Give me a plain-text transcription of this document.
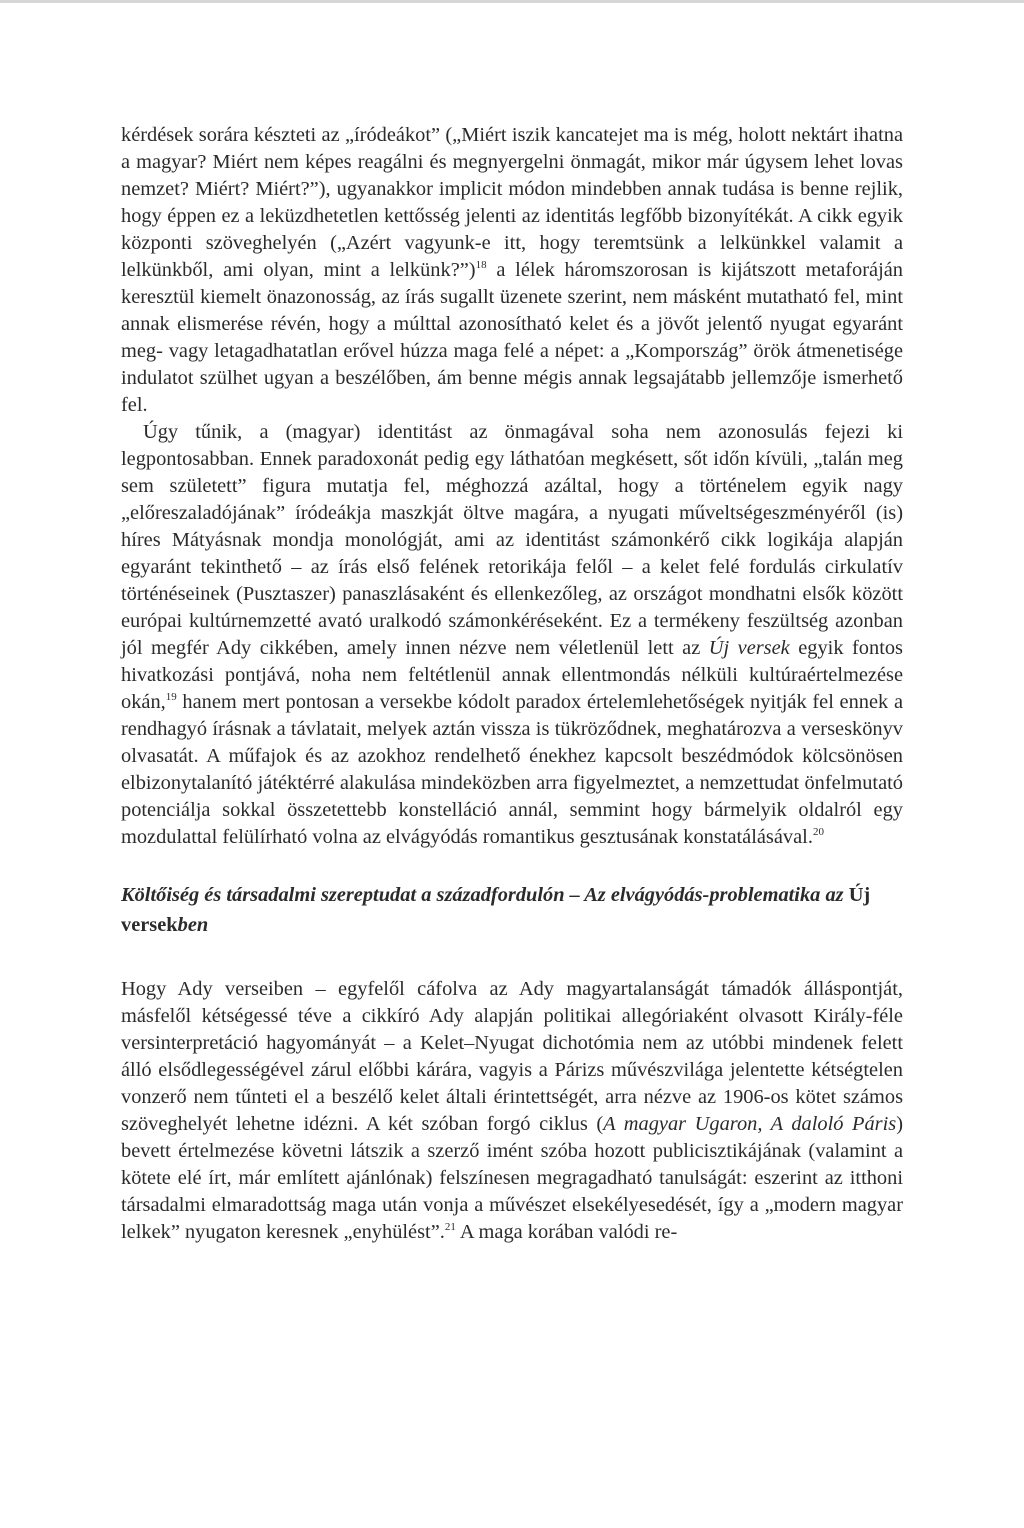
kérdések sorára készteti az „íródeákot” („Miért iszik kancatejet ma is még, holott nektárt ihatna a magyar? Miért nem képes reagálni és megnyergelni önmagát, mikor már úgysem lehet lovas nemzet? Miért? Miért?”), ugyanakkor implicit módon mindebben annak tudása is benne rejlik, hogy éppen ez a leküzdhetetlen kettősség jelenti az identitás legfőbb bizonyítékát. A cikk egyik központi szöveghelyén („Azért vagyunk-e itt, hogy teremtsünk a lelkünkkel valamit a lelkünkből, ami olyan, mint a lelkünk?”)$^{18}$ a lélek háromszorosan is kijátszott metaforáján keresztül kiemelt önazonosság, az írás sugallt üzenete szerint, nem másként mutatható fel, mint annak elismerése révén, hogy a múlttal azonosítható kelet és a jövőt jelentő nyugat egyaránt meg- vagy letagadhatatlan erővel húzza maga felé a népet: a „Kompország” örök átmenetisége indulatot szülhet ugyan a beszélőben, ám benne mégis annak legsajátabb jellemzője ismerhető fel.

Úgy tűnik, a (magyar) identitást az önmagával soha nem azonosulás fejezi ki legpontosabban. Ennek paradoxonát pedig egy láthatóan megkésett, sőt időn kívüli, „talán meg sem született” figura mutatja fel, méghozzá azáltal, hogy a történelem egyik nagy „előreszaladójának” íródeákja maszkját öltve magára, a nyugati műveltségeszményéről (is) híres Mátyásnak mondja monológját, ami az identitást számonkérő cikk logikája alapján egyaránt tekinthető – az írás első felének retorikája felől – a kelet felé fordulás cirkulatív történéseinek (Pusztaszer) panaszlásaként és ellenkezőleg, az országot mondhatni elsők között európai kultúrnemzetté avató uralkodó számonkéréseként. Ez a termékeny feszültség azonban jól megfér Ady cikkében, amely innen nézve nem véletlenül lett az Új versek egyik fontos hivatkozási pontjává, noha nem feltétlenül annak ellentmondás nélküli kultúraértelmezése okán,$^{19}$ hanem mert pontosan a versekbe kódolt paradox értelemlehetőségek nyitják fel ennek a rendhagyó írásnak a távlatait, melyek aztán vissza is tükröződnek, meghatározva a verseskönyv olvasatát. A műfajok és az azokhoz rendelhető énekhez kapcsolt beszédmódok kölcsönösen elbizonytalanító játéktérré alakulása mindeközben arra figyelmeztet, a nemzettudat önfelmutató potenciálja sokkal összetettebb konstelláció annál, semmint hogy bármelyik oldalról egy mozdulattal felülírható volna az elvágyódás romantikus gesztusának konstatálásával.$^{20}$

Költőiség és társadalmi szereptudat a századfordulón – Az elvágyódás-problematika az Új versekben

Hogy Ady verseiben – egyfelől cáfolva az Ady magyartalanságát támadók álláspontját, másfelől kétségessé téve a cikkíró Ady alapján politikai allegóriaként olvasott Király-féle versinterpretáció hagyományát – a Kelet–Nyugat dichotómia nem az utóbbi mindenek felett álló elsődlegességével zárul előbbi kárára, vagyis a Párizs művészvilága jelentette kétségtelen vonzerő nem tűnteti el a beszélő kelet általi érintettségét, arra nézve az 1906-os kötet számos szöveghelyét lehetne idézni. A két szóban forgó ciklus (A magyar Ugaron, A daloló Páris) bevett értelmezése követni látszik a szerző imént szóba hozott publicisztikájának (valamint a kötete elé írt, már említett ajánlónak) felszínesen megragadható tanulságát: eszerint az itthoni társadalmi elmaradottság maga után vonja a művészet elsekélyesedését, így a „modern magyar lelkek” nyugaton keresnek „enyhülést”.$^{21}$ A maga korában valódi re-
